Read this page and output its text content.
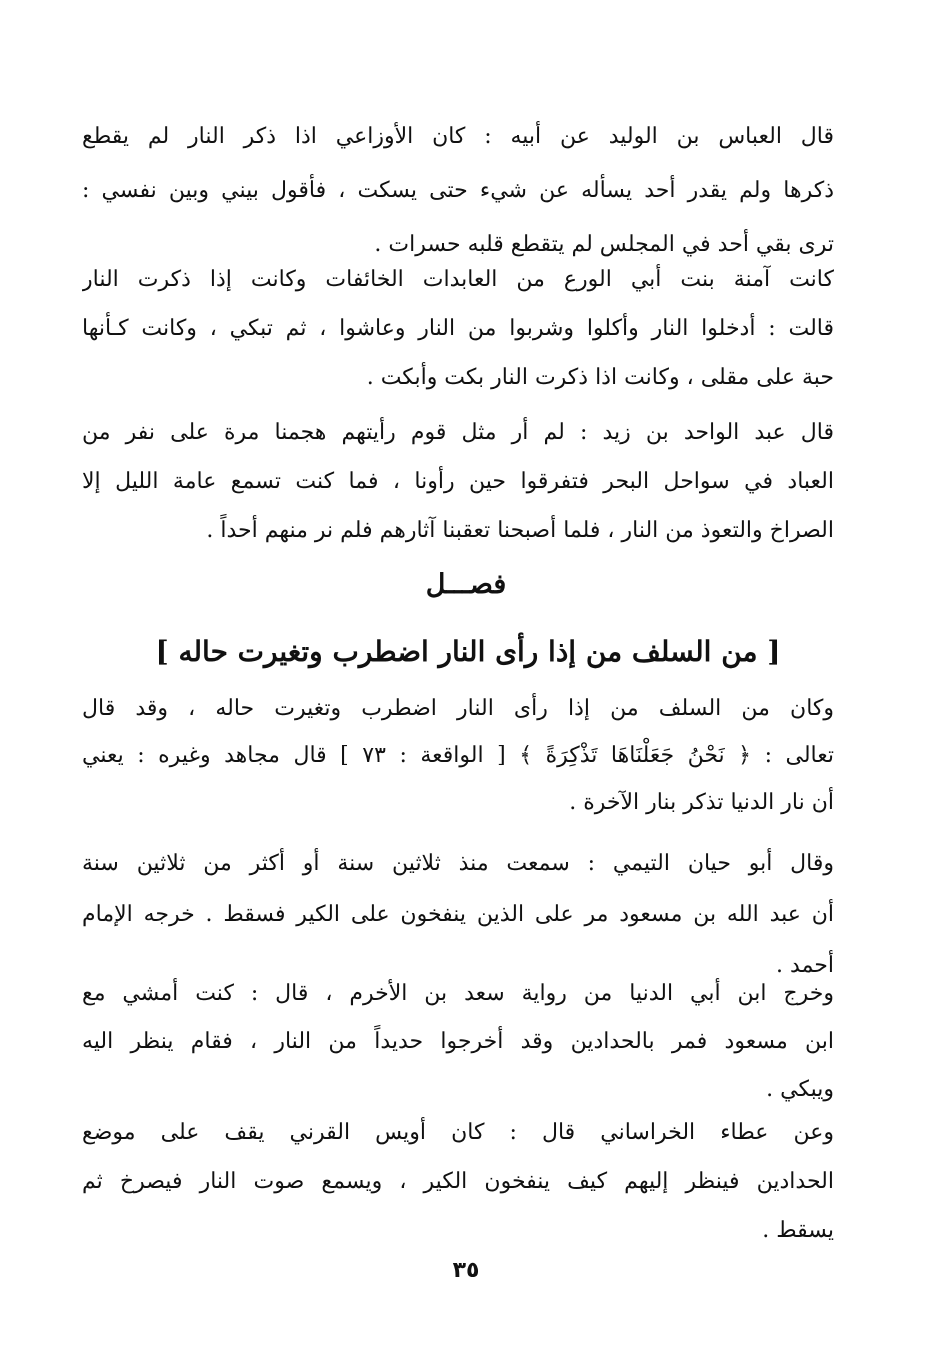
قال العباس بن الوليد عن أبيه : كان الأوزاعي اذا ذكر النار لم يقطع
ذكرها ولم يقدر أحد يسأله عن شيء حتى يسكت ، فأقول بيني وبين نفسي :
ترى بقي أحد في المجلس لم يتقطع قلبه حسرات .
كانت آمنة بنت أبي الورع من العابدات الخائفات وكانت إذا ذكرت النار
قالت : أدخلوا النار وأكلوا وشربوا من النار وعاشوا ، ثم تبكي ، وكانت كـأنها
حبة على مقلى ، وكانت اذا ذكرت النار بكت وأبكت .
قال عبد الواحد بن زيد : لم أر مثل قوم رأيتهم هجمنا مرة على نفر من
العباد في سواحل البحر فتفرقوا حين رأونا ، فما كنت تسمع عامة الليل إلا
الصراخ والتعوذ من النار ، فلما أصبحنا تعقبنا آثارهم فلم نر منهم أحداً .
فصـــل
[ من السلف من إذا رأى النار اضطرب وتغيرت حاله ]
وكان من السلف من إذا رأى النار اضطرب وتغيرت حاله ، وقد قال
تعالى : ﴿ نَحْنُ جَعَلْنَاهَا تَذْكِرَةً ﴾ [ الواقعة : ٧٣ ] قال مجاهد وغيره : يعني
أن نار الدنيا تذكر بنار الآخرة .
وقال أبو حيان التيمي : سمعت منذ ثلاثين سنة أو أكثر من ثلاثين سنة
أن عبد الله بن مسعود مر على الذين ينفخون على الكير فسقط . خرجه الإمام
أحمد .
وخرج ابن أبي الدنيا من رواية سعد بن الأخرم ، قال : كنت أمشي مع
ابن مسعود فمر بالحدادين وقد أخرجوا حديداً من النار ، فقام ينظر اليه
ويبكي .
وعن عطاء الخراساني قال : كان أويس القرني يقف على موضع
الحدادين فينظر إليهم كيف ينفخون الكير ، ويسمع صوت النار فيصرخ ثم
يسقط .
٣٥
